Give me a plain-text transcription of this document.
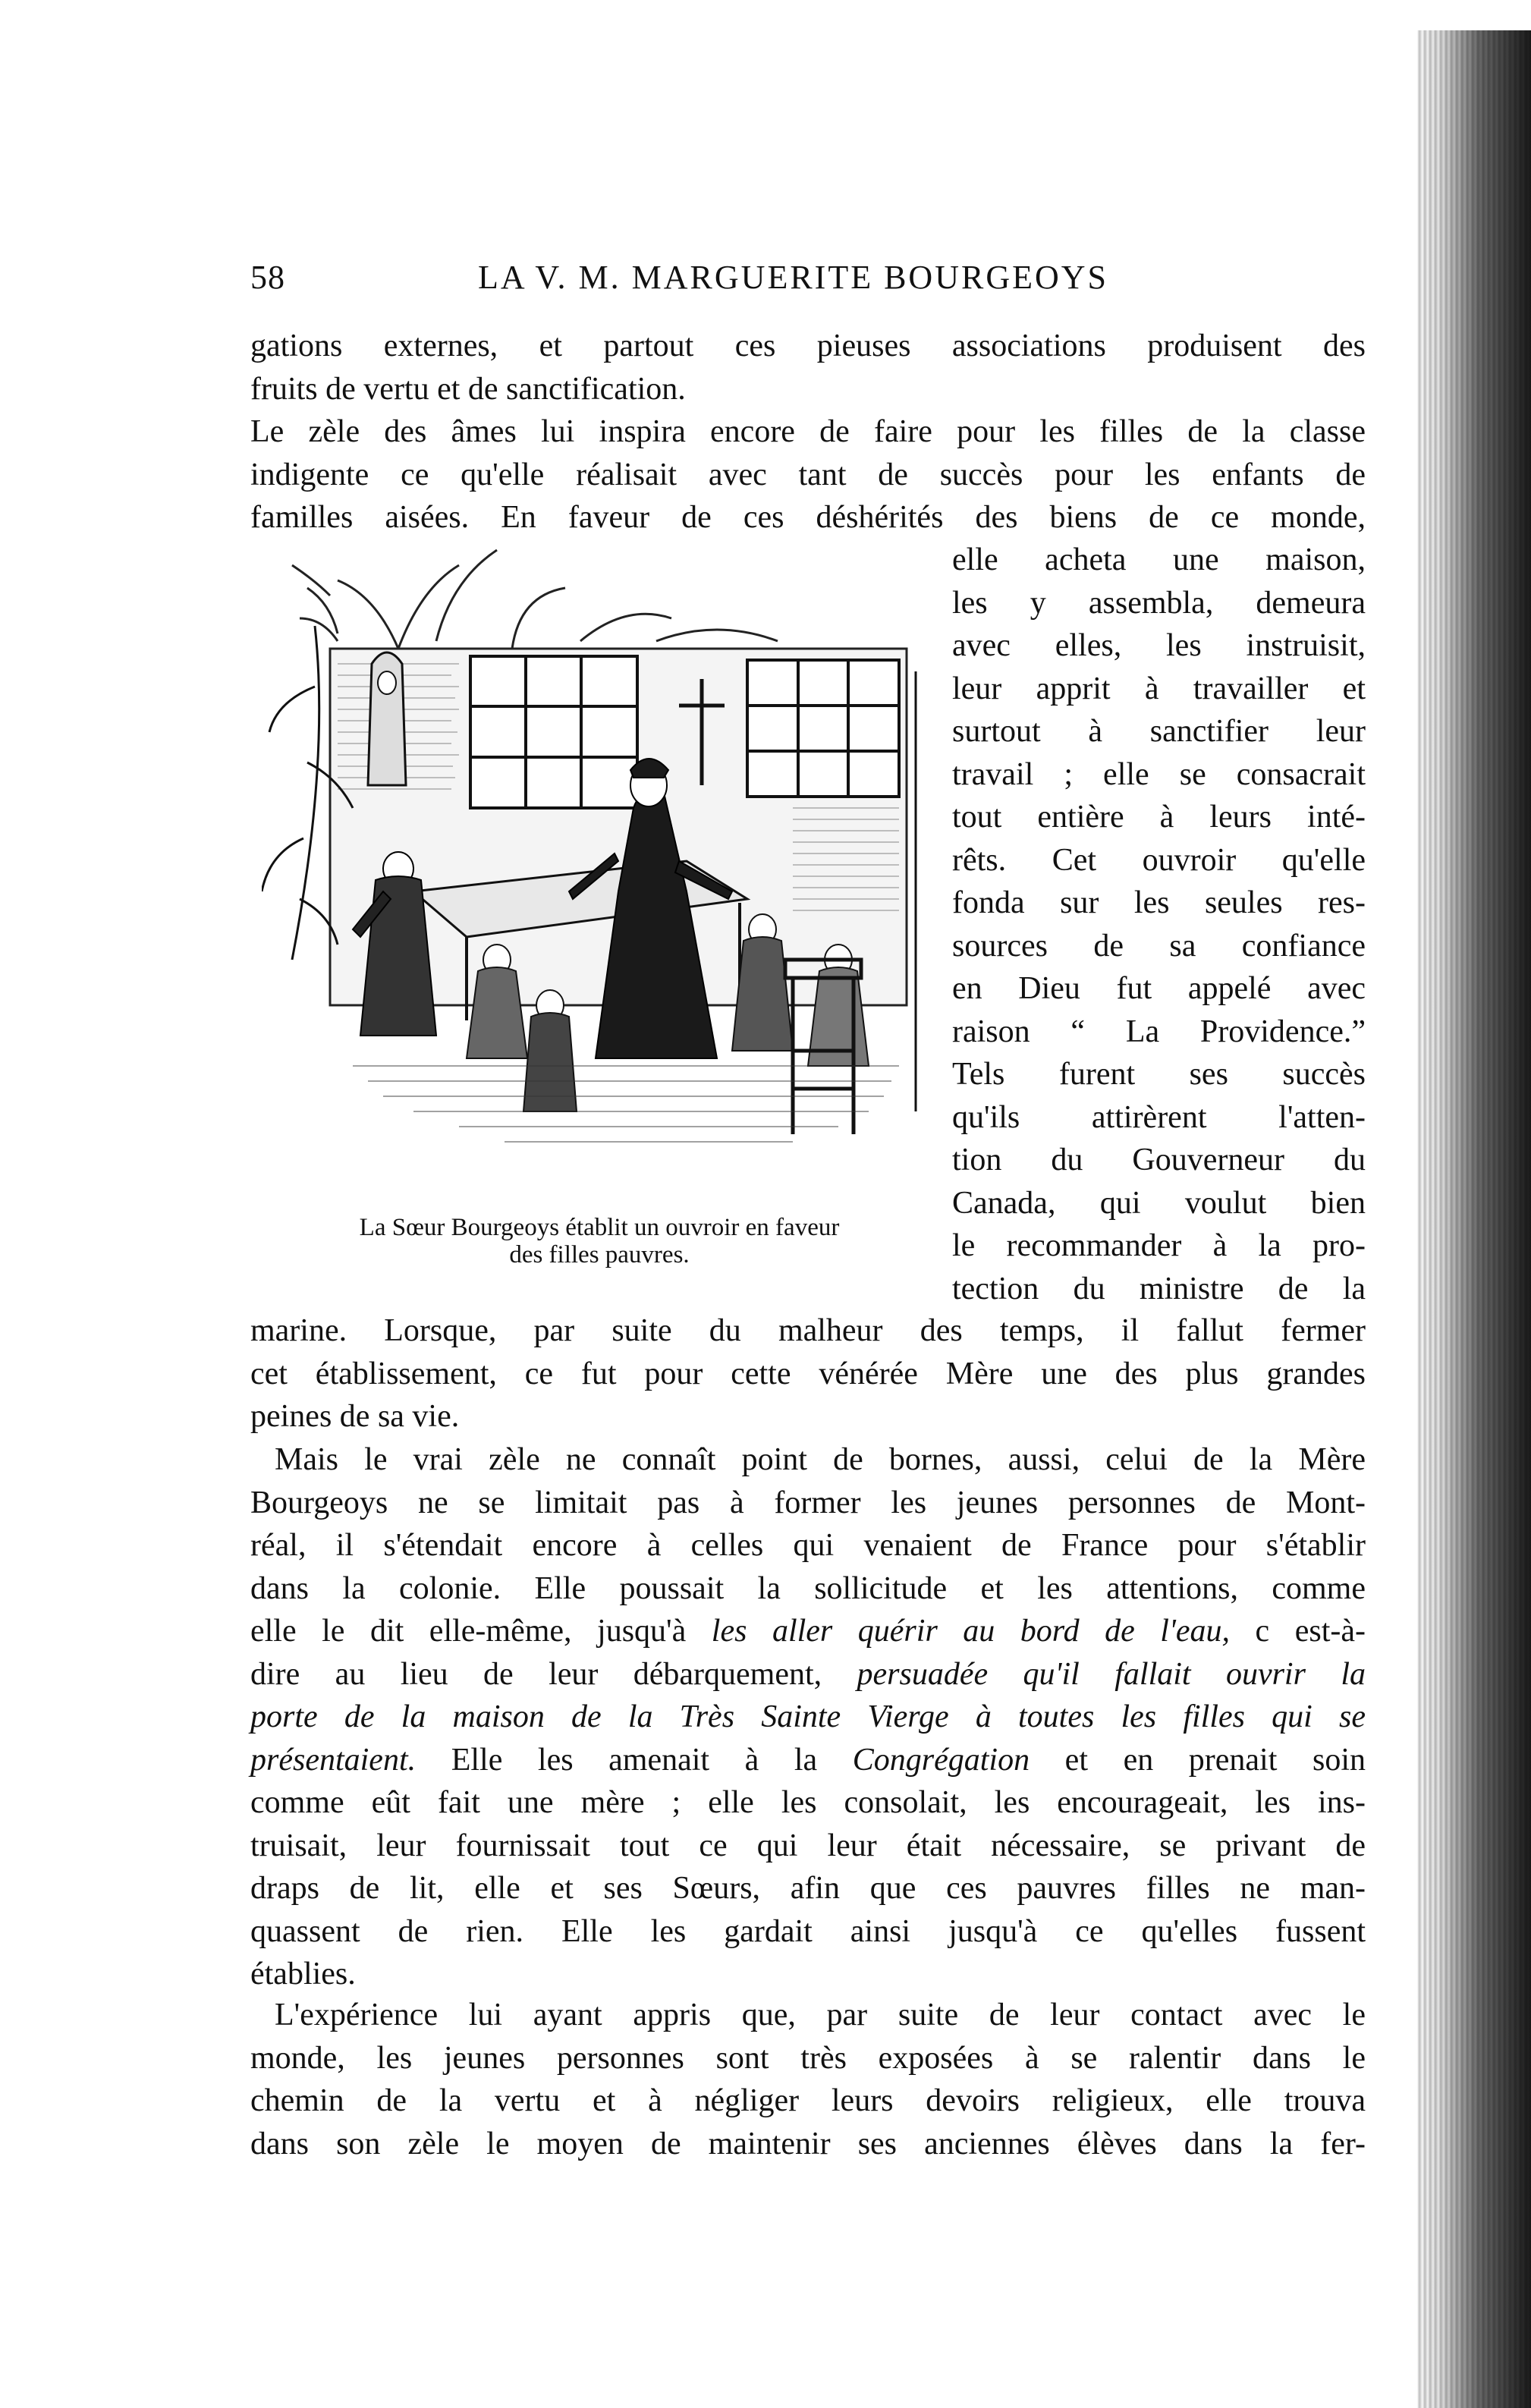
58	LA V. M. MARGUERITE BOURGEOYS
gations externes, et partout ces pieuses associations produisent des
fruits de vertu et de sanctification.
Le zèle des âmes lui inspira encore de faire pour les filles de la classe
indigente ce qu'elle réalisait avec tant de succès pour les enfants de
familles aisées. En faveur de ces déshérités des biens de ce monde,
La Sœur Bourgeoys établit un ouvroir en faveur
des filles pauvres.
elle acheta une maison,
les y assembla, demeura
avec elles, les instruisit,
leur apprit à travailler et
surtout à sanctifier leur
travail ; elle se consacrait
tout entière à leurs inté-
rêts. Cet ouvroir qu'elle
fonda sur les seules res-
sources de sa confiance
en Dieu fut appelé avec
raison “ La Providence.”
Tels furent ses succès
qu'ils attirèrent l'atten-
tion du Gouverneur du
Canada, qui voulut bien
le recommander à la pro-
tection du ministre de la
marine. Lorsque, par suite du malheur des temps, il fallut fermer
cet établissement, ce fut pour cette vénérée Mère une des plus grandes
peines de sa vie.
Mais le vrai zèle ne connaît point de bornes, aussi, celui de la Mère
Bourgeoys ne se limitait pas à former les jeunes personnes de Mont-
réal, il s'étendait encore à celles qui venaient de France pour s'établir
dans la colonie. Elle poussait la sollicitude et les attentions, comme
elle le dit elle-même, jusqu'à les aller quérir au bord de l'eau, c est-à-
dire au lieu de leur débarquement, persuadée qu'il fallait ouvrir la
porte de la maison de la Très Sainte Vierge à toutes les filles qui se
présentaient. Elle les amenait à la Congrégation et en prenait soin
comme eût fait une mère ; elle les consolait, les encourageait, les ins-
truisait, leur fournissait tout ce qui leur était nécessaire, se privant de
draps de lit, elle et ses Sœurs, afin que ces pauvres filles ne man-
quassent de rien. Elle les gardait ainsi jusqu'à ce qu'elles fussent
établies.
L'expérience lui ayant appris que, par suite de leur contact avec le
monde, les jeunes personnes sont très exposées à se ralentir dans le
chemin de la vertu et à négliger leurs devoirs religieux, elle trouva
dans son zèle le moyen de maintenir ses anciennes élèves dans la fer-
